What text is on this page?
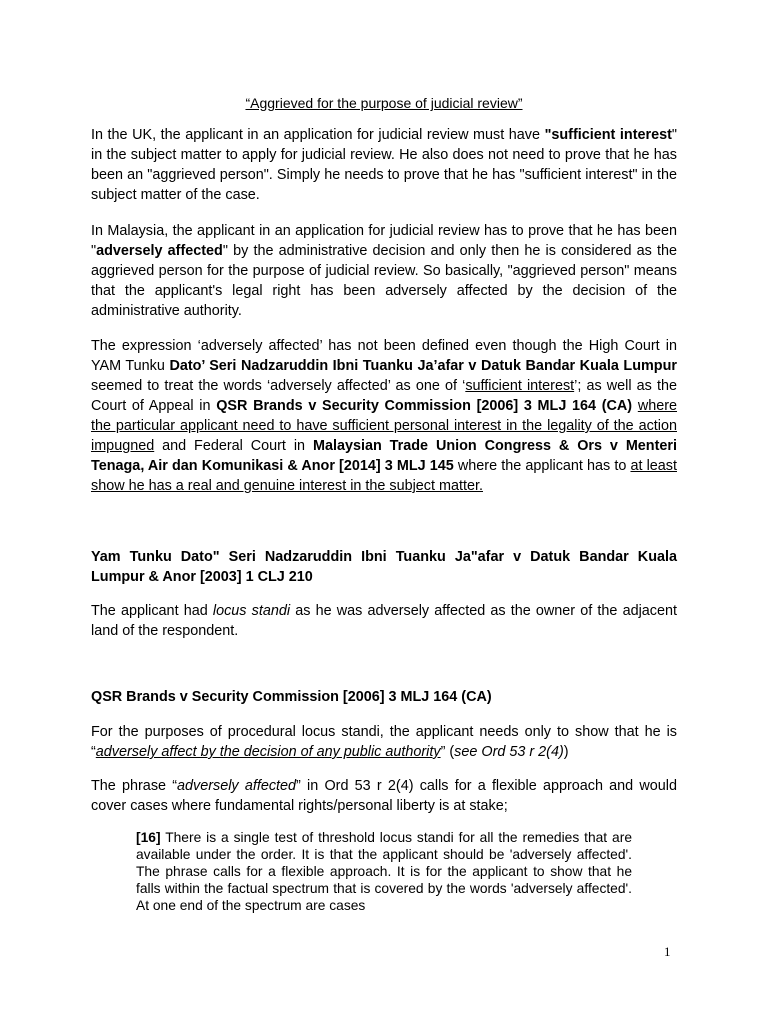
“Aggrieved for the purpose of judicial review”

In the UK, the applicant in an application for judicial review must have "sufficient interest" in the subject matter to apply for judicial review. He also does not need to prove that he has been an "aggrieved person". Simply he needs to prove that he has "sufficient interest" in the subject matter of the case.

In Malaysia, the applicant in an application for judicial review has to prove that he has been "adversely affected" by the administrative decision and only then he is considered as the aggrieved person for the purpose of judicial review. So basically, "aggrieved person" means that the applicant's legal right has been adversely affected by the decision of the administrative authority.

The expression ‘adversely affected’ has not been defined even though the High Court in YAM Tunku Dato’ Seri Nadzaruddin Ibni Tuanku Ja’afar v Datuk Bandar Kuala Lumpur seemed to treat the words ‘adversely affected’ as one of ‘sufficient interest’; as well as the Court of Appeal in QSR Brands v Security Commission [2006] 3 MLJ 164 (CA) where the particular applicant need to have sufficient personal interest in the legality of the action impugned and Federal Court in Malaysian Trade Union Congress & Ors v Menteri Tenaga, Air dan Komunikasi & Anor [2014] 3 MLJ 145 where the applicant has to at least show he has a real and genuine interest in the subject matter.

Yam Tunku Dato" Seri Nadzaruddin Ibni Tuanku Ja"afar v Datuk Bandar Kuala Lumpur & Anor [2003] 1 CLJ 210

The applicant had locus standi as he was adversely affected as the owner of the adjacent land of the respondent.

QSR Brands v Security Commission [2006] 3 MLJ 164 (CA)

For the purposes of procedural locus standi, the applicant needs only to show that he is “adversely affect by the decision of any public authority” (see Ord 53 r 2(4))

The phrase “adversely affected” in Ord 53 r 2(4) calls for a flexible approach and would cover cases where fundamental rights/personal liberty is at stake;

[16] There is a single test of threshold locus standi for all the remedies that are available under the order. It is that the applicant should be 'adversely affected'. The phrase calls for a flexible approach. It is for the applicant to show that he falls within the factual spectrum that is covered by the words 'adversely affected'. At one end of the spectrum are cases

1
